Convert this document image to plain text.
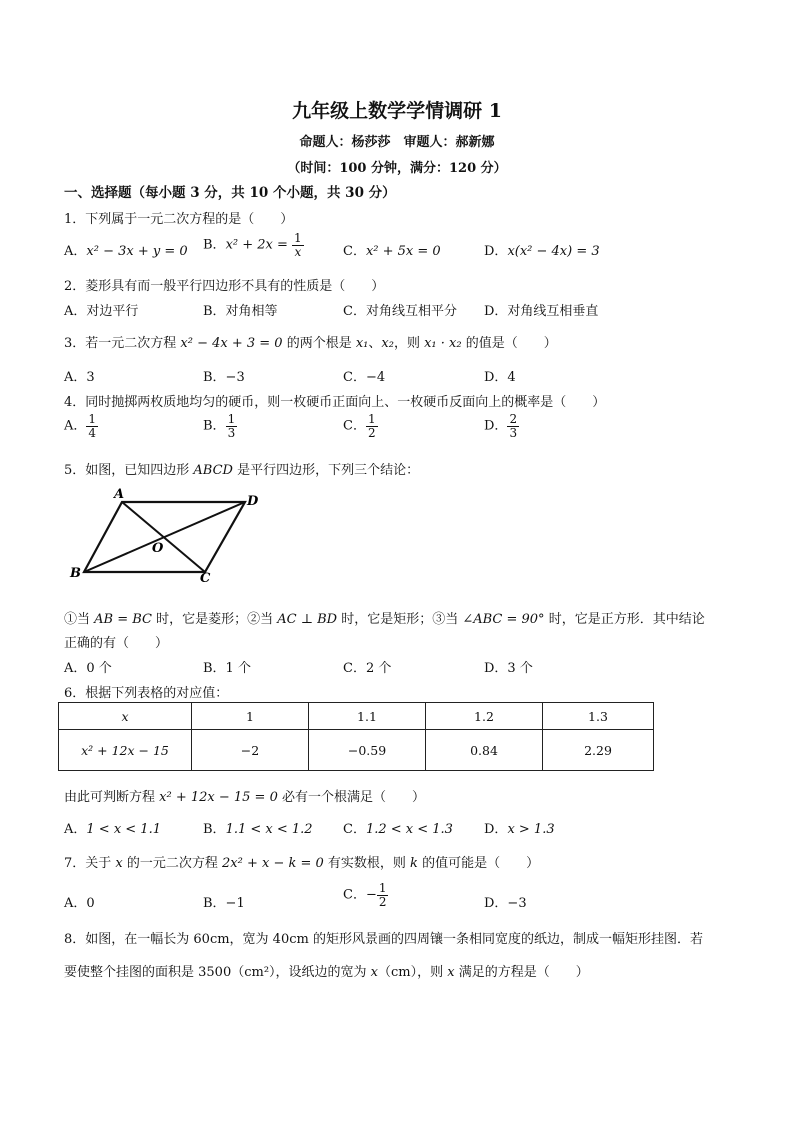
九年级上数学学情调研 1
命题人：杨莎莎　审题人：郝新娜
（时间：100 分钟，满分：120 分）
一、选择题（每小题 3 分，共 10 个小题，共 30 分）
1．下列属于一元二次方程的是（　　）
A．x² − 3x + y = 0 B．$x^2 + 2x = \frac{1}{x}$	C．x² + 5x = 0	D．x(x² − 4x) = 3
2．菱形具有而一般平行四边形不具有的性质是（　　）
A．对边平行	B．对角相等	C．对角线互相平分 D．对角线互相垂直
3．若一元二次方程 x² − 4x + 3 = 0 的两个根是 x₁、x₂，则 x₁ · x₂ 的值是（　　）
A．3	B．−3	C．−4	D．4
4．同时抛掷两枚质地均匀的硬币，则一枚硬币正面向上、一枚硬币反面向上的概率是（　　）
A． $\frac{1}{4}$	B． $\frac{1}{3}$	C． $\frac{1}{2}$	D． $\frac{2}{3}$
5．如图，已知四边形 ABCD 是平行四边形，下列三个结论：
A	D
B	C
O
①当 AB = BC 时，它是菱形；②当 AC ⊥ BD 时，它是矩形；③当 ∠ABC = 90° 时，它是正方形．其中结论
正确的有（　　）
A．0 个	B．1 个	C．2 个	D．3 个
6．根据下列表格的对应值：
x	1	1.1	1.2	1.3
x² + 12x − 15	−2	−0.59	0.84	2.29
由此可判断方程 x² + 12x − 15 = 0 必有一个根满足（　　）
A．1 < x < 1.1	B．1.1 < x < 1.2 C．1.2 < x < 1.3 D．x > 1.3
7．关于 x 的一元二次方程 2x² + x − k = 0 有实数根，则 k 的值可能是（　　）
A．0	B．−1
C．− $\frac{1}{2}$	D．−3
8．如图，在一幅长为 60cm，宽为 40cm 的矩形风景画的四周镶一条相同宽度的纸边，制成一幅矩形挂图．若
要使整个挂图的面积是 3500（cm²），设纸边的宽为 x（cm），则 x 满足的方程是（　　）
